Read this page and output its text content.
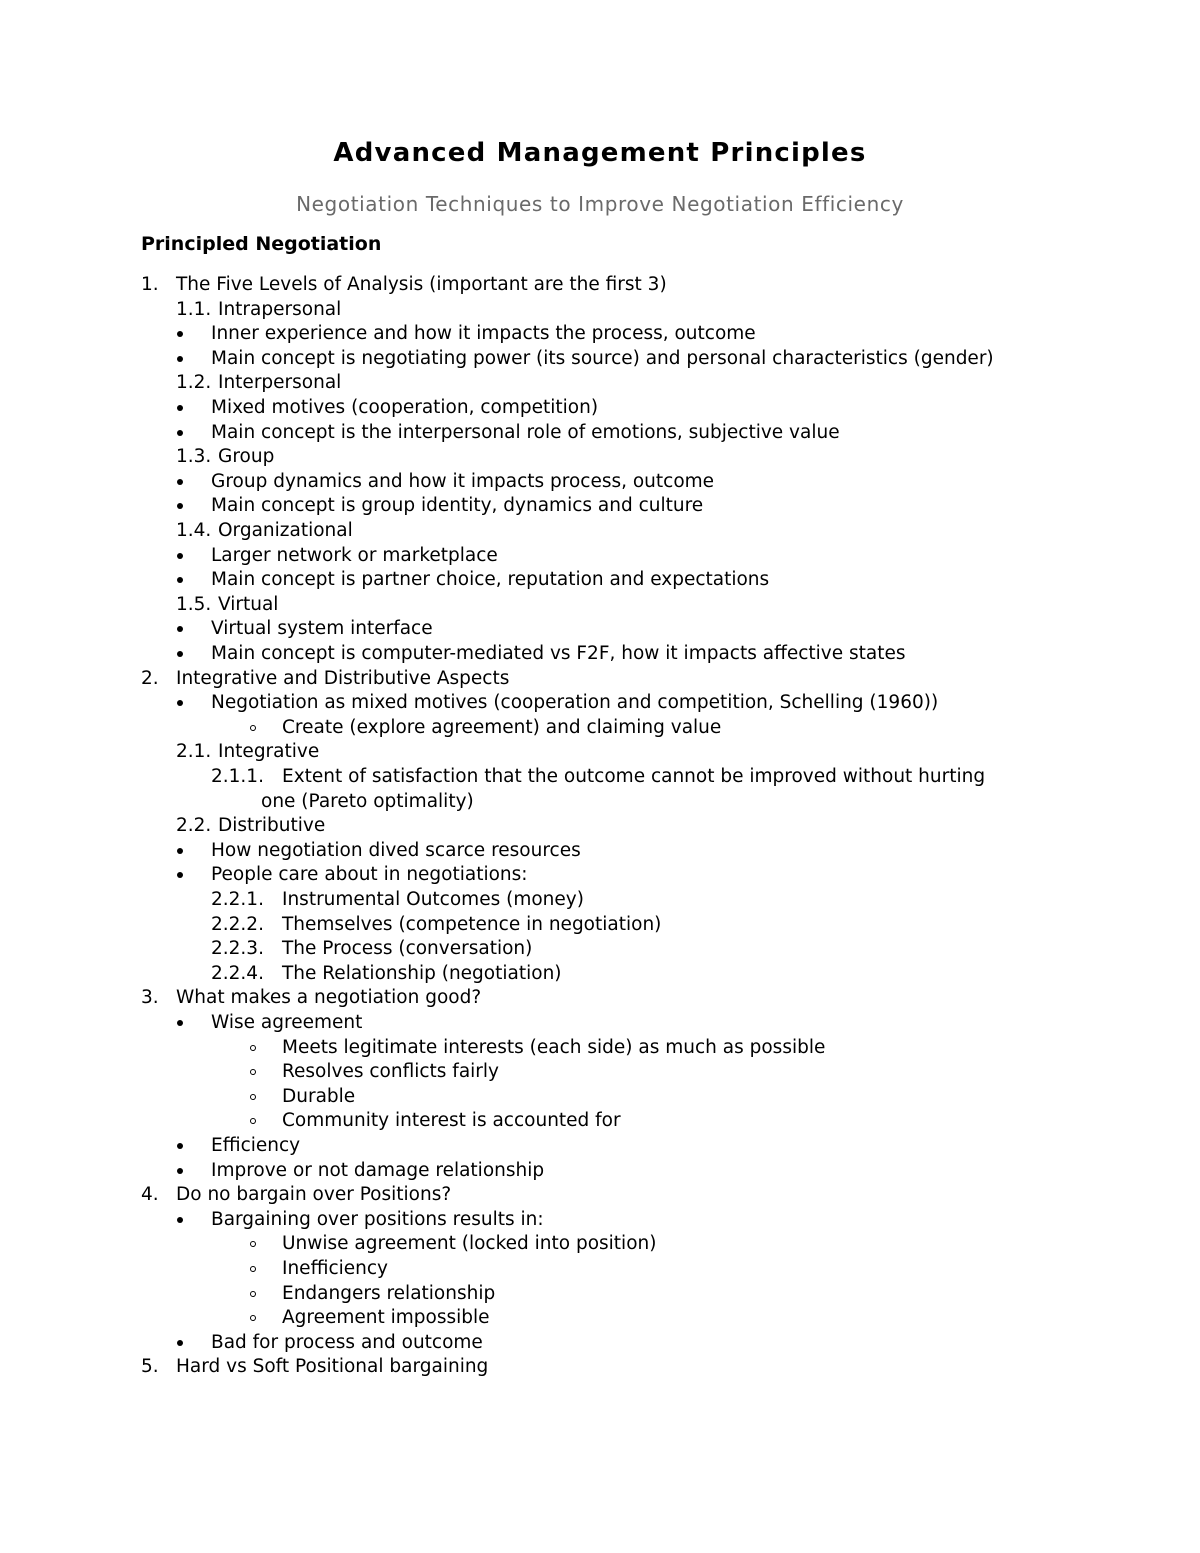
Advanced Management Principles
Negotiation Techniques to Improve Negotiation Efficiency
Principled Negotiation
1. The Five Levels of Analysis (important are the first 3)
1.1. Intrapersonal
Inner experience and how it impacts the process, outcome
Main concept is negotiating power (its source) and personal characteristics (gender)
1.2. Interpersonal
Mixed motives (cooperation, competition)
Main concept is the interpersonal role of emotions, subjective value
1.3. Group
Group dynamics and how it impacts process, outcome
Main concept is group identity, dynamics and culture
1.4. Organizational
Larger network or marketplace
Main concept is partner choice, reputation and expectations
1.5. Virtual
Virtual system interface
Main concept is computer-mediated vs F2F, how it impacts affective states
2. Integrative and Distributive Aspects
Negotiation as mixed motives (cooperation and competition, Schelling (1960))
Create (explore agreement) and claiming value
2.1. Integrative
2.1.1. Extent of satisfaction that the outcome cannot be improved without hurting
one (Pareto optimality)
2.2. Distributive
How negotiation dived scarce resources
People care about in negotiations:
2.2.1. Instrumental Outcomes (money)
2.2.2. Themselves (competence in negotiation)
2.2.3. The Process (conversation)
2.2.4. The Relationship (negotiation)
3. What makes a negotiation good?
Wise agreement
Meets legitimate interests (each side) as much as possible
Resolves conflicts fairly
Durable
Community interest is accounted for
Efficiency
Improve or not damage relationship
4. Do no bargain over Positions?
Bargaining over positions results in:
Unwise agreement (locked into position)
Inefficiency
Endangers relationship
Agreement impossible
Bad for process and outcome
5. Hard vs Soft Positional bargaining
